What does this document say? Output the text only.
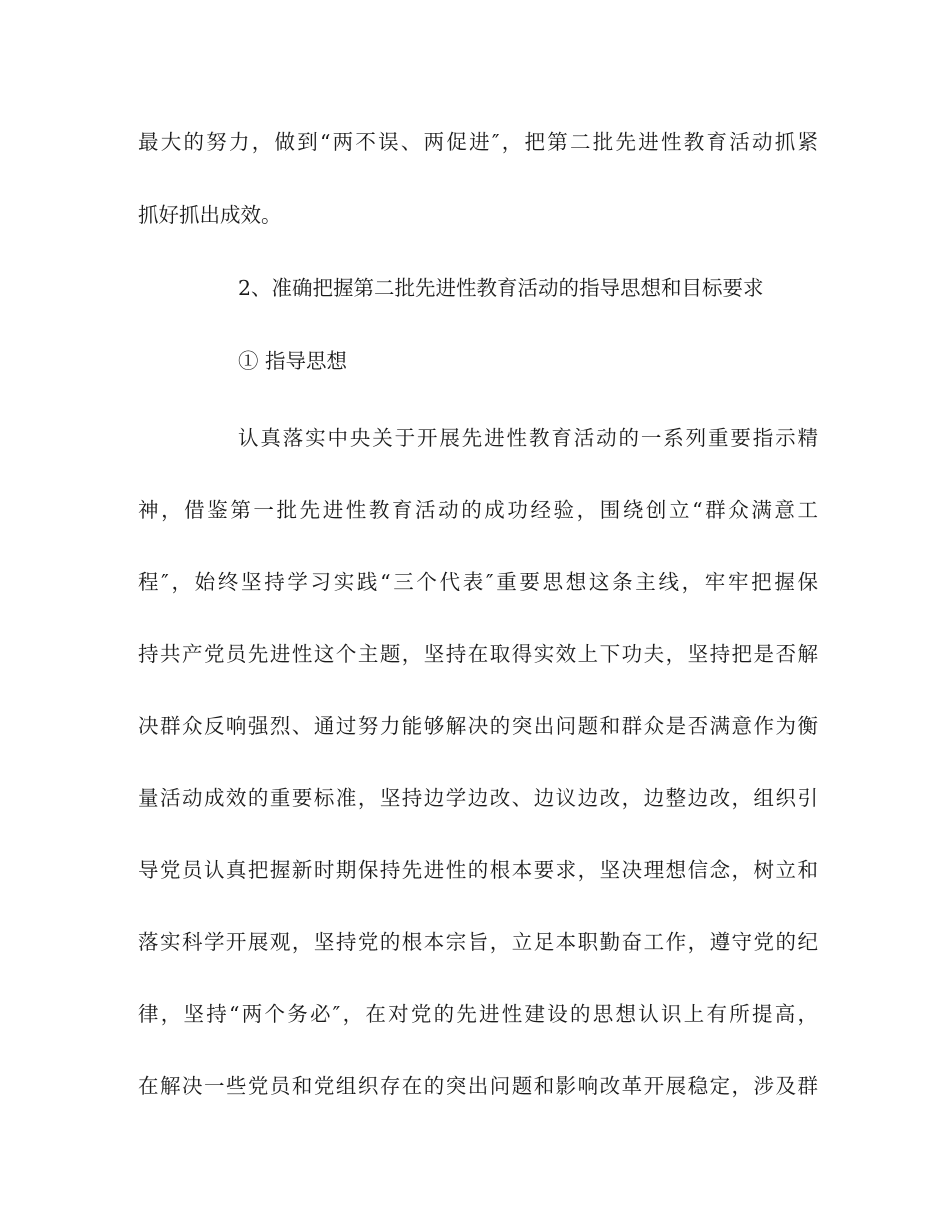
最大的努力，做到“两不误、两促进″，把第二批先进性教育活动抓紧
抓好抓出成效。
2、准确把握第二批先进性教育活动的指导思想和目标要求
① 指导思想
认真落实中央关于开展先进性教育活动的一系列重要指示精
神，借鉴第一批先进性教育活动的成功经验，围绕创立“群众满意工
程″，始终坚持学习实践“三个代表″重要思想这条主线，牢牢把握保
持共产党员先进性这个主题，坚持在取得实效上下功夫，坚持把是否解
决群众反响强烈、通过努力能够解决的突出问题和群众是否满意作为衡
量活动成效的重要标准，坚持边学边改、边议边改，边整边改，组织引
导党员认真把握新时期保持先进性的根本要求，坚决理想信念，树立和
落实科学开展观，坚持党的根本宗旨，立足本职勤奋工作，遵守党的纪
律，坚持“两个务必″，在对党的先进性建设的思想认识上有所提高，
在解决一些党员和党组织存在的突出问题和影响改革开展稳定，涉及群
